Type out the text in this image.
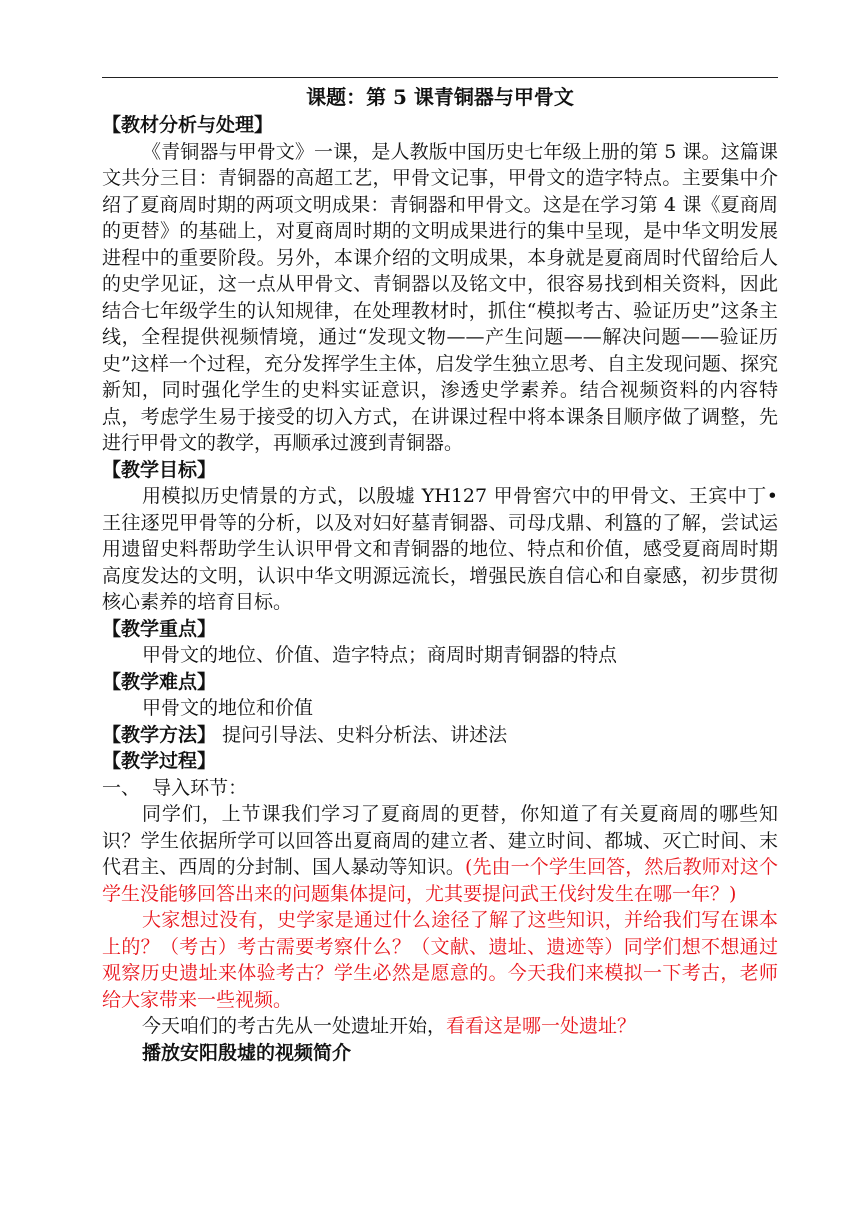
课题：第 5 课青铜器与甲骨文

【教材分析与处理】

《青铜器与甲骨文》一课，是人教版中国历史七年级上册的第 5 课。这篇课文共分三目：青铜器的高超工艺，甲骨文记事，甲骨文的造字特点。主要集中介绍了夏商周时期的两项文明成果：青铜器和甲骨文。这是在学习第 4 课《夏商周的更替》的基础上，对夏商周时期的文明成果进行的集中呈现，是中华文明发展进程中的重要阶段。另外，本课介绍的文明成果，本身就是夏商周时代留给后人的史学见证，这一点从甲骨文、青铜器以及铭文中，很容易找到相关资料，因此结合七年级学生的认知规律，在处理教材时，抓住“模拟考古、验证历史”这条主线，全程提供视频情境，通过“发现文物——产生问题——解决问题——验证历史”这样一个过程，充分发挥学生主体，启发学生独立思考、自主发现问题、探究新知，同时强化学生的史料实证意识，渗透史学素养。结合视频资料的内容特点，考虑学生易于接受的切入方式，在讲课过程中将本课条目顺序做了调整，先进行甲骨文的教学，再顺承过渡到青铜器。

【教学目标】

用模拟历史情景的方式，以殷墟 YH127 甲骨窖穴中的甲骨文、王宾中丁•王往逐兕甲骨等的分析，以及对妇好墓青铜器、司母戊鼎、利簋的了解，尝试运用遗留史料帮助学生认识甲骨文和青铜器的地位、特点和价值，感受夏商周时期高度发达的文明，认识中华文明源远流长，增强民族自信心和自豪感，初步贯彻核心素养的培育目标。

【教学重点】

甲骨文的地位、价值、造字特点；商周时期青铜器的特点

【教学难点】

甲骨文的地位和价值

【教学方法】 提问引导法、史料分析法、讲述法

【教学过程】

一、  导入环节：

同学们，上节课我们学习了夏商周的更替，你知道了有关夏商周的哪些知识？学生依据所学可以回答出夏商周的建立者、建立时间、都城、灭亡时间、末代君主、西周的分封制、国人暴动等知识。(先由一个学生回答，然后教师对这个学生没能够回答出来的问题集体提问，尤其要提问武王伐纣发生在哪一年？)

大家想过没有，史学家是通过什么途径了解了这些知识，并给我们写在课本上的？（考古）考古需要考察什么？（文献、遗址、遗迹等）同学们想不想通过观察历史遗址来体验考古？学生必然是愿意的。今天我们来模拟一下考古，老师给大家带来一些视频。

今天咱们的考古先从一处遗址开始，看看这是哪一处遗址？

播放安阳殷墟的视频简介
